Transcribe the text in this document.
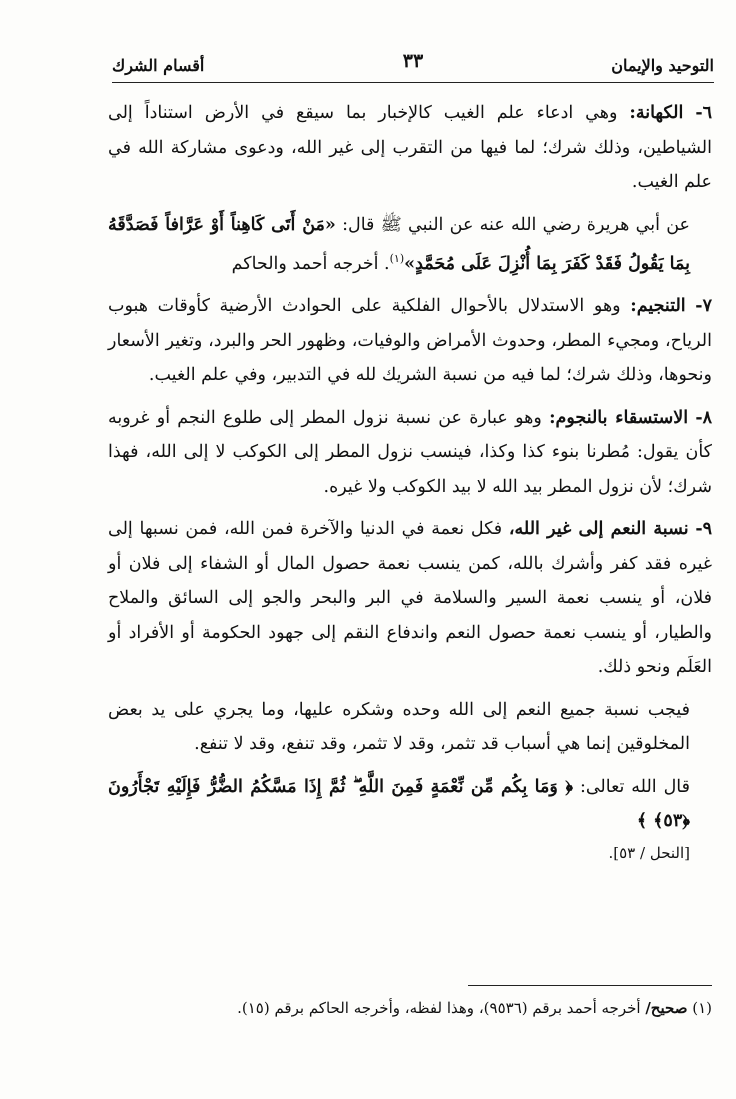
التوحيد والإيمان
٣٣
أقسام الشرك
٦- الكهانة: وهي ادعاء علم الغيب كالإخبار بما سيقع في الأرض استناداً إلى الشياطين، وذلك شرك؛ لما فيها من التقرب إلى غير الله، ودعوى مشاركة الله في علم الغيب.
عن أبي هريرة رضي الله عنه عن النبي ﷺ قال: «مَنْ أَتَى كَاهِناً أَوْ عَرَّافاً فَصَدَّقَهُ بِمَا يَقُولُ فَقَدْ كَفَرَ بِمَا أُنْزِلَ عَلَى مُحَمَّدٍ»$^{(١)}$. أخرجه أحمد والحاكم
٧- التنجيم: وهو الاستدلال بالأحوال الفلكية على الحوادث الأرضية كأوقات هبوب الرياح، ومجيء المطر، وحدوث الأمراض والوفيات، وظهور الحر والبرد، وتغير الأسعار ونحوها، وذلك شرك؛ لما فيه من نسبة الشريك لله في التدبير، وفي علم الغيب.
٨- الاستسقاء بالنجوم: وهو عبارة عن نسبة نزول المطر إلى طلوع النجم أو غروبه كأن يقول: مُطرنا بنوء كذا وكذا، فينسب نزول المطر إلى الكوكب لا إلى الله، فهذا شرك؛ لأن نزول المطر بيد الله لا بيد الكوكب ولا غيره.
٩- نسبة النعم إلى غير الله، فكل نعمة في الدنيا والآخرة فمن الله، فمن نسبها إلى غيره فقد كفر وأشرك بالله، كمن ينسب نعمة حصول المال أو الشفاء إلى فلان أو فلان، أو ينسب نعمة السير والسلامة في البر والبحر والجو إلى السائق والملاح والطيار، أو ينسب نعمة حصول النعم واندفاع النقم إلى جهود الحكومة أو الأفراد أو العَلَم ونحو ذلك.
فيجب نسبة جميع النعم إلى الله وحده وشكره عليها، وما يجري على يد بعض المخلوقين إنما هي أسباب قد تثمر، وقد لا تثمر، وقد تنفع، وقد لا تنفع.
قال الله تعالى: ﴿ وَمَا بِكُم مِّن نِّعْمَةٍ فَمِنَ اللَّهِ ۖ ثُمَّ إِذَا مَسَّكُمُ الضُّرُّ فَإِلَيْهِ تَجْأَرُونَ ﴿٥٣﴾ ﴾
[النحل / ٥٣].
(١) صحيح/ أخرجه أحمد برقم (٩٥٣٦)، وهذا لفظه، وأخرجه الحاكم برقم (١٥).
